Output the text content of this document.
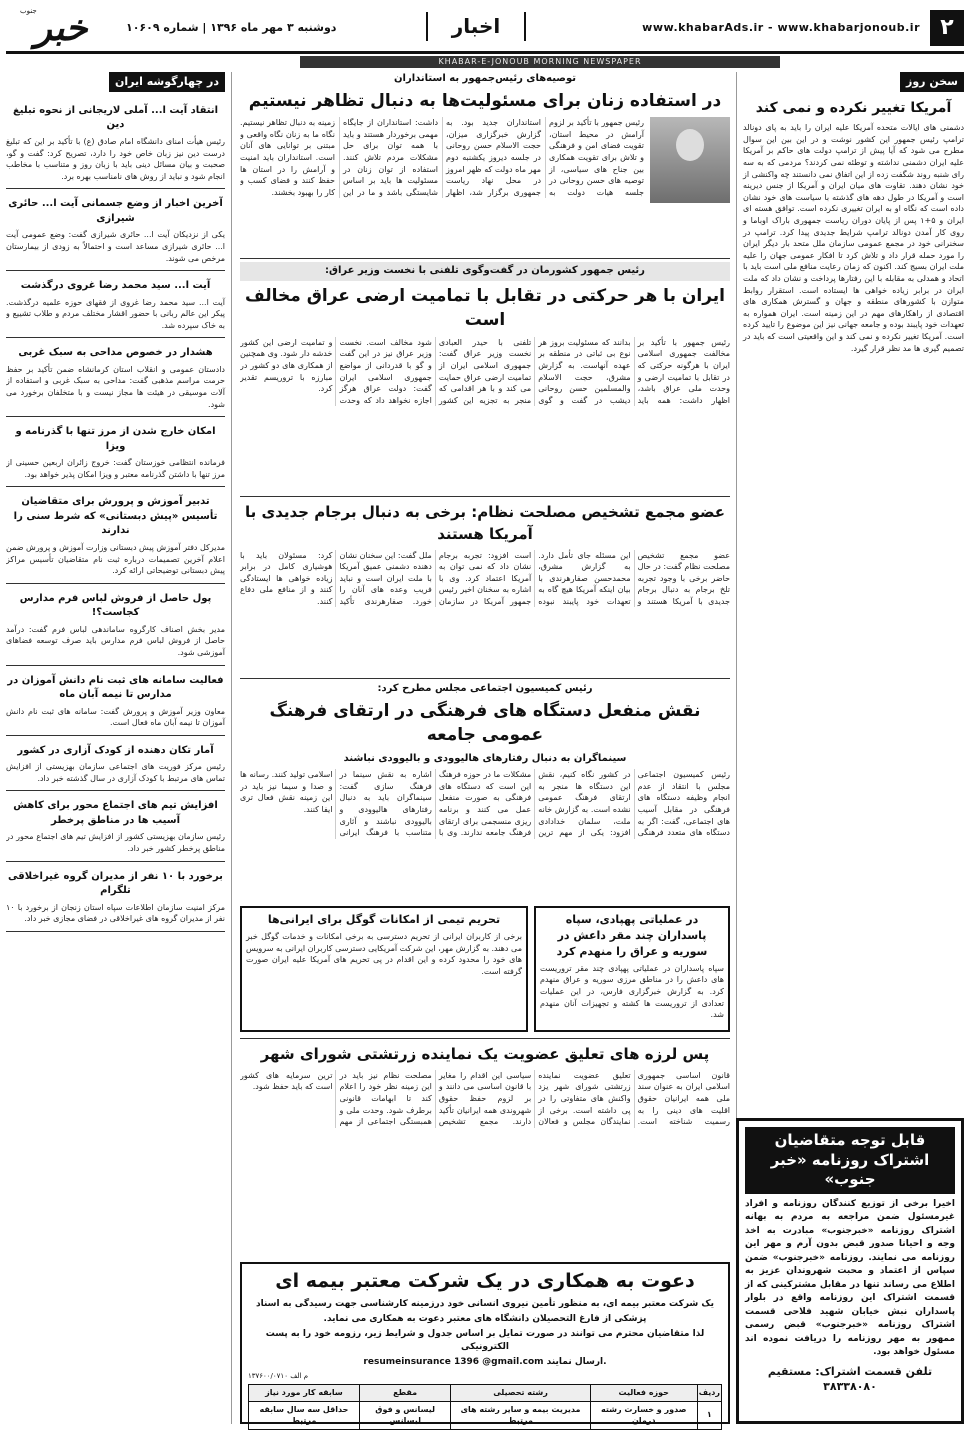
۲
www.khabarAds.ir - www.khabarjonoub.ir
اخبار
دوشنبه ۳ مهر ماه ۱۳۹۶ | شماره ۱۰۶۰۹
خبر
جنوب
KHABAR-E-JONOUB MORNING NEWSPAPER
سخن روز
آمریکا تغییر نکرده و نمی کند
دشمنی های ایالات متحده آمریکا علیه ایران را باید به پای دونالد ترامپ رئیس جمهور این کشور نوشت و در این بین این سوال مطرح می شود که آیا پیش از ترامپ دولت های حاکم بر آمریکا علیه ایران دشمنی نداشته و توطئه نمی کردند؟ مردمی که به سه رای شنبه روند شگفت زده از این اتفاق نمی دانستند چه واکنشی از خود نشان دهند. تقاوت های میان ایران و آمریکا از جنس دیرینه است و آمریکا در طول دهه های گذشته با سیاست های خود نشان داده است که نگاه او به ایران تغییری نکرده است. توافق هسته ای ایران و ۵+۱ پس از پایان دوران ریاست جمهوری باراک اوباما و روی کار آمدن دونالد ترامپ شرایط جدیدی پیدا کرد. ترامپ در سخنرانی خود در مجمع عمومی سازمان ملل متحد بار دیگر ایران را مورد حمله قرار داد و تلاش کرد تا افکار عمومی جهان را علیه ملت ایران بسیج کند. اکنون که زمان رعایت منافع ملی است باید با اتحاد و همدلی به مقابله با این رفتارها پرداخت و نشان داد که ملت ایران در برابر زیاده خواهی ها ایستاده است. استقرار روابط متوازن با کشورهای منطقه و جهان و گسترش همکاری های اقتصادی از راهکارهای مهم در این زمینه است. ایران همواره به تعهدات خود پایبند بوده و جامعه جهانی نیز این موضوع را تایید کرده است. آمریکا تغییر نکرده و نمی کند و این واقعیتی است که باید در تصمیم گیری ها مد نظر قرار گیرد.
قابل توجه متقاضیان
اشتراک روزنامه «خبر جنوب»
اخیرا برخی از توزیع کنندگان روزنامه و افراد غیرمسئول ضمن مراجعه به مردم به بهانه اشتراک روزنامه «خبرجنوب» مبادرت به اخذ وجه و احیانا صدور قبض بدون آرم و مهر این روزنامه می نمایند. روزنامه «خبرجنوب» ضمن سپاس از اعتماد و محبت شهروندان عزیز به اطلاع می رساند تنها در مقابل مشترکینی که از قسمت اشتراک این روزنامه واقع در بلوار پاسداران نبش خیابان شهید فلاحی قسمت اشتراک روزنامه «خبرجنوب» قبض رسمی ممهور به مهر روزنامه را دریافت نموده اند مسئول خواهد بود.
تلفن قسمت اشتراک: مستقیم ۳۸۳۳۸۰۸۰
در چهارگوشه ایران
انتقاد آیت ا... آملی لاریجانی از نحوه تبلیغ دین
رئیس هیأت امنای دانشگاه امام صادق (ع) با تأکید بر این که تبلیغ درست دین نیز زبان خاص خود را دارد، تصریح کرد: گفت و گو، صحبت و بیان مسائل دینی باید با زبان روز و متناسب با مخاطب انجام شود و نباید از روش های نامناسب بهره برد.
آخرین اخبار از وضع جسمانی آیت ا... حائری شیرازی
یکی از نزدیکان آیت ا... حائری شیرازی گفت: وضع عمومی آیت ا... حائری شیرازی مساعد است و احتمالاً به زودی از بیمارستان مرخص می شوند.
آیت ا... سید محمد رضا غروی درگذشت
آیت ا... سید محمد رضا غروی از فقهای حوزه علمیه درگذشت. پیکر این عالم ربانی با حضور اقشار مختلف مردم و طلاب تشییع و به خاک سپرده شد.
هشدار در خصوص مداحی به سبک غربی
دادستان عمومی و انقلاب استان کرمانشاه ضمن تأکید بر حفظ حرمت مراسم مذهبی گفت: مداحی به سبک غربی و استفاده از آلات موسیقی در هیئت ها مجاز نیست و با متخلفان برخورد می شود.
امکان خارج شدن از مرز تنها با گذرنامه و ویزا
فرمانده انتظامی خوزستان گفت: خروج زائران اربعین حسینی از مرز تنها با داشتن گذرنامه معتبر و ویزا امکان پذیر خواهد بود.
تدبیر آموزش و پرورش برای متقاضیان تأسیس «پیش دبستانی» که شرط سنی را ندارند
مدیرکل دفتر آموزش پیش دبستانی وزارت آموزش و پرورش ضمن اعلام آخرین تصمیمات درباره ثبت نام متقاضیان تأسیس مراکز پیش دبستانی توضیحاتی ارائه کرد.
پول حاصل از فروش لباس فرم مدارس کجاست؟!
مدیر بخش اصناف کارگروه ساماندهی لباس فرم گفت: درآمد حاصل از فروش لباس فرم مدارس باید صرف توسعه فضاهای آموزشی شود.
فعالیت سامانه های ثبت نام دانش آموزان در مدارس تا نیمه آبان ماه
معاون وزیر آموزش و پرورش گفت: سامانه های ثبت نام دانش آموزان تا نیمه آبان ماه فعال است.
آمار تکان دهنده از کودک آزاری در کشور
رئیس مرکز فوریت های اجتماعی سازمان بهزیستی از افزایش تماس های مرتبط با کودک آزاری در سال گذشته خبر داد.
افزایش تیم های اجتماع محور برای کاهش آسیب ها در مناطق پرخطر
رئیس سازمان بهزیستی کشور از افزایش تیم های اجتماع محور در مناطق پرخطر کشور خبر داد.
برخورد با ۱۰ نفر از مدیران گروه غیراخلاقی تلگرام
مرکز امنیت سازمان اطلاعات سپاه استان زنجان از برخورد با ۱۰ نفر از مدیران گروه های غیراخلاقی در فضای مجازی خبر داد.
توصیه‌های رئیس‌جمهور به استانداران
در استفاده زنان برای مسئولیت‌ها به دنبال تظاهر نیستیم
رئیس جمهور با تأکید بر لزوم آرامش در محیط استان، تقویت فضای امن و فرهنگی و تلاش برای تقویت همکاری بین جناح های سیاسی، از توصیه های حسن روحانی در جلسه هیات دولت به استانداران جدید بود. به گزارش خبرگزاری میزان، حجت الاسلام حسن روحانی در جلسه دیروز یکشنبه دوم مهر ماه دولت که ظهر امروز در محل نهاد ریاست جمهوری برگزار شد، اظهار داشت: استانداران از جایگاه مهمی برخوردار هستند و باید با همه توان برای حل مشکلات مردم تلاش کنند. استفاده از توان زنان در مسئولیت ها باید بر اساس شایستگی باشد و ما در این زمینه به دنبال تظاهر نیستیم. نگاه ما به زنان نگاه واقعی و مبتنی بر توانایی های آنان است. استانداران باید امنیت و آرامش را در استان ها حفظ کنند و فضای کسب و کار را بهبود بخشند.
رئیس جمهور کشورمان در گفت‌وگوی تلفنی با نخست وزیر عراق:
ایران با هر حرکتی در تقابل با تمامیت ارضی عراق مخالف است
رئیس جمهور با تأکید بر مخالفت جمهوری اسلامی ایران با هرگونه حرکتی که در تقابل با تمامیت ارضی و وحدت ملی عراق باشد، اظهار داشت: همه باید بدانند که مسئولیت بروز هر نوع بی ثباتی در منطقه بر عهده آنهاست. به گزارش مشرق، حجت الاسلام والمسلمین حسن روحانی دیشب در گفت و گوی تلفنی با حیدر العبادی نخست وزیر عراق گفت: جمهوری اسلامی ایران از تمامیت ارضی عراق حمایت می کند و با هر اقدامی که منجر به تجزیه این کشور شود مخالف است. نخست وزیر عراق نیز در این گفت و گو با قدردانی از مواضع جمهوری اسلامی ایران گفت: دولت عراق هرگز اجازه نخواهد داد که وحدت و تمامیت ارضی این کشور خدشه دار شود. وی همچنین از همکاری های دو کشور در مبارزه با تروریسم تقدیر کرد.
عضو مجمع تشخیص مصلحت نظام: برخی به دنبال برجام جدیدی با آمریکا هستند
عضو مجمع تشخیص مصلحت نظام گفت: در حال حاضر برخی با وجود تجربه تلخ برجام به دنبال برجام جدیدی با آمریکا هستند و این مسئله جای تأمل دارد. به گزارش مشرق، محمدحسن صفارهرندی با بیان اینکه آمریکا هیچ گاه به تعهدات خود پایبند نبوده است افزود: تجربه برجام نشان داد که نمی توان به آمریکا اعتماد کرد. وی با اشاره به سخنان اخیر رئیس جمهور آمریکا در سازمان ملل گفت: این سخنان نشان دهنده دشمنی عمیق آمریکا با ملت ایران است و نباید فریب وعده های آنان را خورد. صفارهرندی تأکید کرد: مسئولان باید با هوشیاری کامل در برابر زیاده خواهی ها ایستادگی کنند و از منافع ملی دفاع کنند.
رئیس کمیسیون اجتماعی مجلس مطرح کرد:
نقش منفعل دستگاه های فرهنگی در ارتقای فرهنگ عمومی جامعه
سینماگران به دنبال رفتارهای هالیوودی و بالیوودی نباشند
رئیس کمیسیون اجتماعی مجلس با انتقاد از عدم انجام وظیفه دستگاه های فرهنگی در مقابل آسیب های اجتماعی، گفت: اگر به دستگاه های متعدد فرهنگی در کشور نگاه کنیم، نقش این دستگاه ها منجر به ارتقای فرهنگ عمومی نشده است. به گزارش خانه ملت، سلمان خدادادی افزود: یکی از مهم ترین مشکلات ما در حوزه فرهنگ این است که دستگاه های فرهنگی به صورت منفعل عمل می کنند و برنامه ریزی منسجمی برای ارتقای فرهنگ جامعه ندارند. وی با اشاره به نقش سینما در فرهنگ سازی گفت: سینماگران باید به دنبال رفتارهای هالیوودی و بالیوودی نباشند و آثاری متناسب با فرهنگ ایرانی اسلامی تولید کنند. رسانه ها و صدا و سیما نیز باید در این زمینه نقش فعال تری ایفا کنند.
در عملیاتی پهپادی، سپاه پاسداران چند مقر داعش در سوریه و عراق را منهدم کرد
سپاه پاسداران در عملیاتی پهپادی چند مقر تروریست های داعش را در مناطق مرزی سوریه و عراق منهدم کرد. به گزارش خبرگزاری فارس، در این عملیات تعدادی از تروریست ها کشته و تجهیزات آنان منهدم شد.
تحریم تیمی از امکانات گوگل برای ایرانی‌ها
برخی از کاربران ایرانی از تحریم دسترسی به برخی امکانات و خدمات گوگل خبر می دهند. به گزارش مهر، این شرکت آمریکایی دسترسی کاربران ایرانی به سرویس های خود را محدود کرده و این اقدام در پی تحریم های آمریکا علیه ایران صورت گرفته است.
پس لرزه های تعلیق عضویت یک نماینده زرتشتی شورای شهر
قانون اساسی جمهوری اسلامی ایران به عنوان سند ملی همه ایرانیان حقوق اقلیت های دینی را به رسمیت شناخته است. تعلیق عضویت نماینده زرتشتی شورای شهر یزد واکنش های متفاوتی را در پی داشته است. برخی از نمایندگان مجلس و فعالان سیاسی این اقدام را مغایر با قانون اساسی می دانند و بر لزوم حفظ حقوق شهروندی همه ایرانیان تأکید دارند. مجمع تشخیص مصلحت نظام نیز باید در این زمینه نظر خود را اعلام کند تا ابهامات قانونی برطرف شود. وحدت ملی و همبستگی اجتماعی از مهم ترین سرمایه های کشور است که باید حفظ شود.
دعوت به همکاری در یک شرکت معتبر بیمه ای
یک شرکت معتبر بیمه ای، به منظور تأمین نیروی انسانی خود درزمینه کارشناسی جهت رسیدگی به اسناد
پزشکی از فارغ التحصیلان دانشگاه های معتبر دعوت به همکاری می نماید.
لذا متقاضیان محترم می توانند در صورت تمایل بر اساس جدول و شرایط زیر، رزومه خود را به پست الکترونیکی
resumeinsurance 1396 @gmail.com ارسال نمایند.
م الف ۱۳۷۶۰۰/۰۷۱۰
ردیف	حوزه فعالیت	رشته تحصیلی	مقطع	سابقه کار مورد نیاز
۱	صدور و خسارت رشته درمان	مدیریت بیمه و سایر رشته های مرتبط	لیسانس و فوق لیسانس	حداقل سه سال سابقه مرتبط
